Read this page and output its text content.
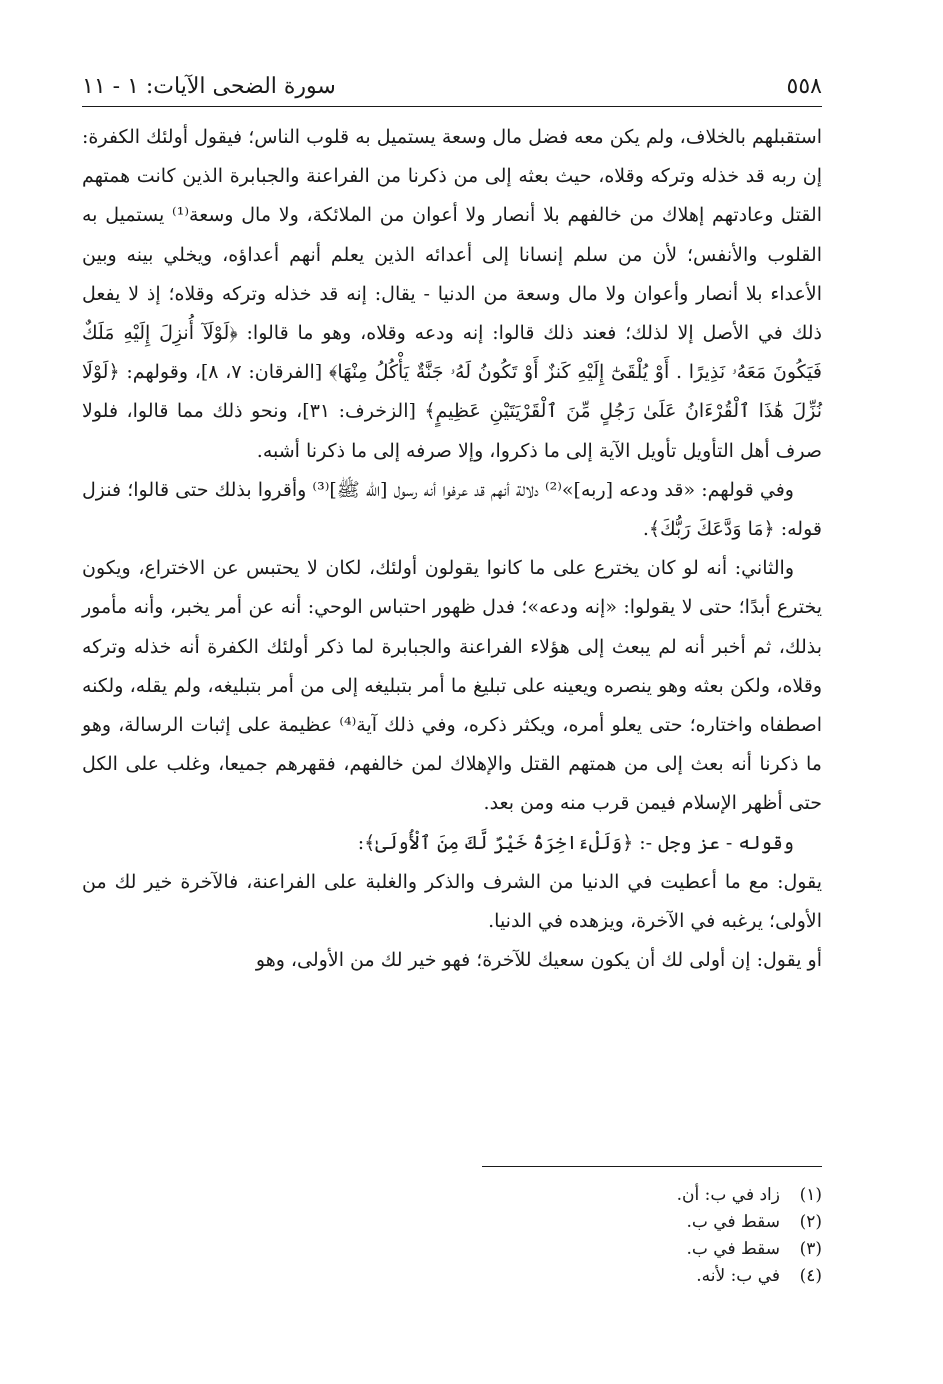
٥٥٨
سورة الضحى الآيات: ١ - ١١

استقبلهم بالخلاف، ولم يكن معه فضل مال وسعة يستميل به قلوب الناس؛ فيقول أولئك الكفرة: إن ربه قد خذله وتركه وقلاه، حيث بعثه إلى من ذكرنا من الفراعنة والجبابرة الذين كانت همتهم القتل وعادتهم إهلاك من خالفهم بلا أنصار ولا أعوان من الملائكة، ولا مال وسعة⁽¹⁾ يستميل به القلوب والأنفس؛ لأن من سلم إنسانا إلى أعدائه الذين يعلم أنهم أعداؤه، ويخلي بينه وبين الأعداء بلا أنصار وأعوان ولا مال وسعة من الدنيا - يقال: إنه قد خذله وتركه وقلاه؛ إذ لا يفعل ذلك في الأصل إلا لذلك؛ فعند ذلك قالوا: إنه ودعه وقلاه، وهو ما قالوا: ﴿لَوْلَآ أُنزِلَ إِلَيْهِ مَلَكٌ فَيَكُونَ مَعَهُۥ نَذِيرًا . أَوْ يُلْقَىٰٓ إِلَيْهِ كَنزٌ أَوْ تَكُونُ لَهُۥ جَنَّةٌ يَأْكُلُ مِنْهَا﴾ [الفرقان: ٧، ٨]، وقولهم: ﴿لَوْلَا نُزِّلَ هَٰذَا ٱلْقُرْءَانُ عَلَىٰ رَجُلٍ مِّنَ ٱلْقَرْيَتَيْنِ عَظِيمٍ﴾ [الزخرف: ٣١]، ونحو ذلك مما قالوا، فلولا صرف أهل التأويل تأويل الآية إلى ما ذكروا، وإلا صرفه إلى ما ذكرنا أشبه.

وفي قولهم: «قد ودعه [ربه]»⁽²⁾ دلالة أنهم قد عرفوا أنه رسول [الله ﷺ]⁽³⁾ وأقروا بذلك حتى قالوا؛ فنزل قوله: ﴿مَا وَدَّعَكَ رَبُّكَ﴾.

والثاني: أنه لو كان يخترع على ما كانوا يقولون أولئك، لكان لا يحتبس عن الاختراع، ويكون يخترع أبدًا؛ حتى لا يقولوا: «إنه ودعه»؛ فدل ظهور احتباس الوحي: أنه عن أمر يخبر، وأنه مأمور بذلك، ثم أخبر أنه لم يبعث إلى هؤلاء الفراعنة والجبابرة لما ذكر أولئك الكفرة أنه خذله وتركه وقلاه، ولكن بعثه وهو ينصره ويعينه على تبليغ ما أمر بتبليغه إلى من أمر بتبليغه، ولم يقله، ولكنه اصطفاه واختاره؛ حتى يعلو أمره، ويكثر ذكره، وفي ذلك آية⁽⁴⁾ عظيمة على إثبات الرسالة، وهو ما ذكرنا أنه بعث إلى من همتهم القتل والإهلاك لمن خالفهم، فقهرهم جميعا، وغلب على الكل حتى أظهر الإسلام فيمن قرب منه ومن بعد.

وقوله - عز وجل -: ﴿وَلَلْءَاخِرَةُ خَيْرٌ لَّكَ مِنَ ٱلْأُولَىٰ﴾:

يقول: مع ما أعطيت في الدنيا من الشرف والذكر والغلبة على الفراعنة، فالآخرة خير لك من الأولى؛ يرغبه في الآخرة، ويزهده في الدنيا.

أو يقول: إن أولى لك أن يكون سعيك للآخرة؛ فهو خير لك من الأولى، وهو

(١)
زاد في ب: أن.
(٢)
سقط في ب.
(٣)
سقط في ب.
(٤)
في ب: لأنه.
